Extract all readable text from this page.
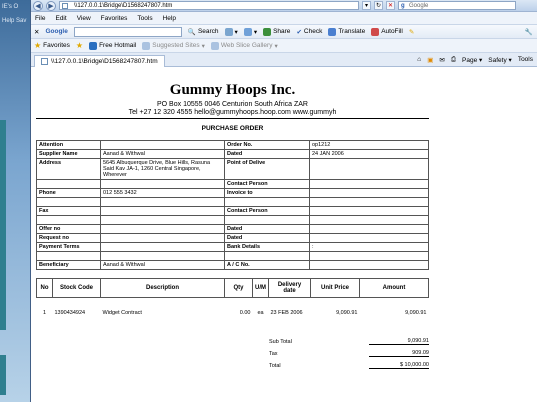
IE's O
Help Sav
◀	▶	\\127.0.0.1\Bridge\D1568247807.htm	▾	↻	✕	g Google
File Edit View Favorites Tools Help
✕ Google	🔍 Search	▾	▾ Share ✔ Check Translate AutoFill ✎	🔧
★ Favorites ★ Free Hotmail Suggested Sites ▾ Web Slice Gallery ▾
\\127.0.0.1\Bridge\D1568247807.htm	⌂ ▣ ✉ ⎙ Page ▾ Safety ▾ Tools
Gummy Hoops Inc.
PO Box 10555 0046 Centurion South Africa ZAR
Tel +27 12 320 4555 hello@gummyhoops.hoop.com www.gummyh
PURCHASE ORDER
Attention		Order No.	op1212
Supplier Name	Aanad & Withwal	Dated	24 JAN 2006
Address	5645 Albuquerque Drive, Blue Hills, Rasuna Said Kav JA-1, 1260 Central Singapore, Wherever	Point of Delive	
		Contact Person	
Phone	012 555 3432	Invoice to	

Fax		Contact Person	

Offer no		Dated	
Request no		Dated	
Payment Terms		Bank Details	:

Beneficiary	Aanad & Withwal	A / C No.	
No	Stock Code	Description	Qty	U/M	Delivery date	Unit Price	Amount

1	1390434924	Widget Contract	0.00	ea	23 FEB 2006	9,090.91	9,090.91
Sub Total	9,090.91
Tax	909.09
Total	$ 10,000.00
